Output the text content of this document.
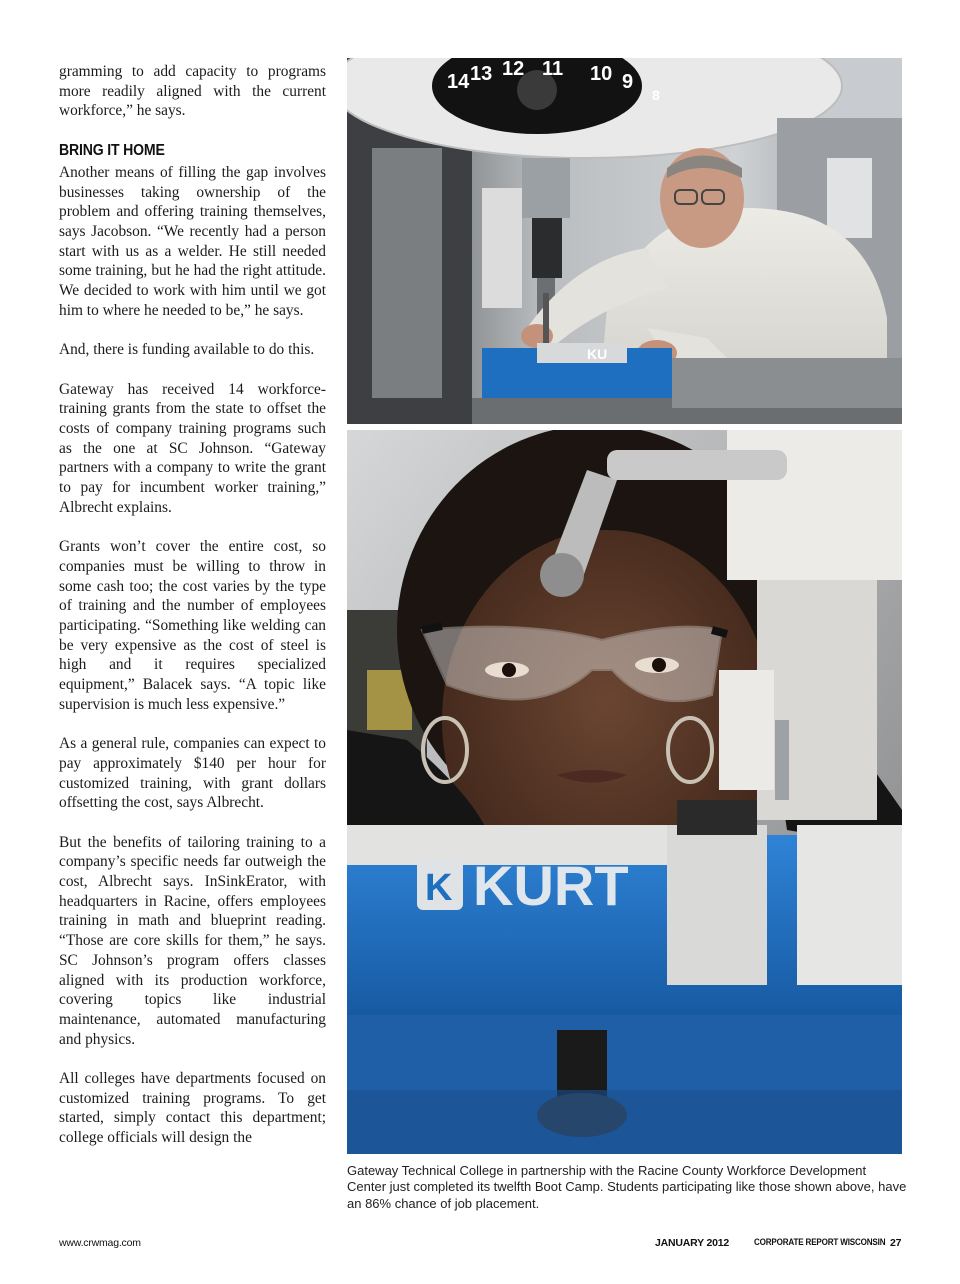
gramming to add capacity to programs more readily aligned with the current workforce,” he says.

BRING IT HOME

Another means of filling the gap involves businesses taking ownership of the problem and offering training themselves, says Jacobson. “We recently had a person start with us as a welder. He still needed some training, but he had the right attitude. We decided to work with him until we got him to where he needed to be,” he says.

And, there is funding available to do this.

Gateway has received 14 workforce-training grants from the state to offset the costs of company training programs such as the one at SC Johnson. “Gateway partners with a company to write the grant to pay for incumbent worker training,” Albrecht explains.

Grants won’t cover the entire cost, so companies must be willing to throw in some cash too; the cost varies by the type of training and the number of employees participating. “Something like welding can be very expensive as the cost of steel is high and it requires specialized equipment,” Balacek says. “A topic like supervision is much less expensive.”

As a general rule, companies can expect to pay approximately $140 per hour for customized training, with grant dollars offsetting the cost, says Albrecht.

But the benefits of tailoring training to a company’s specific needs far outweigh the cost, Albrecht says. InSinkErator, with headquarters in Racine, offers employees training in math and blueprint reading. “Those are core skills for them,” he says. SC Johnson’s program offers classes aligned with its production workforce, covering topics like industrial maintenance, automated manufacturing and physics.

All colleges have departments focused on customized training programs. To get started, simply contact this department; college officials will design the

14 13 12 11 10 9
8
KU
K KURT
Gateway Technical College in partnership with the Racine County Workforce Development Center just completed its twelfth Boot Camp. Students participating like those shown above, have an 86% chance of job placement.
www.crwmag.com	JANUARY 2012	CORPORATE REPORT WISCONSIN 27
